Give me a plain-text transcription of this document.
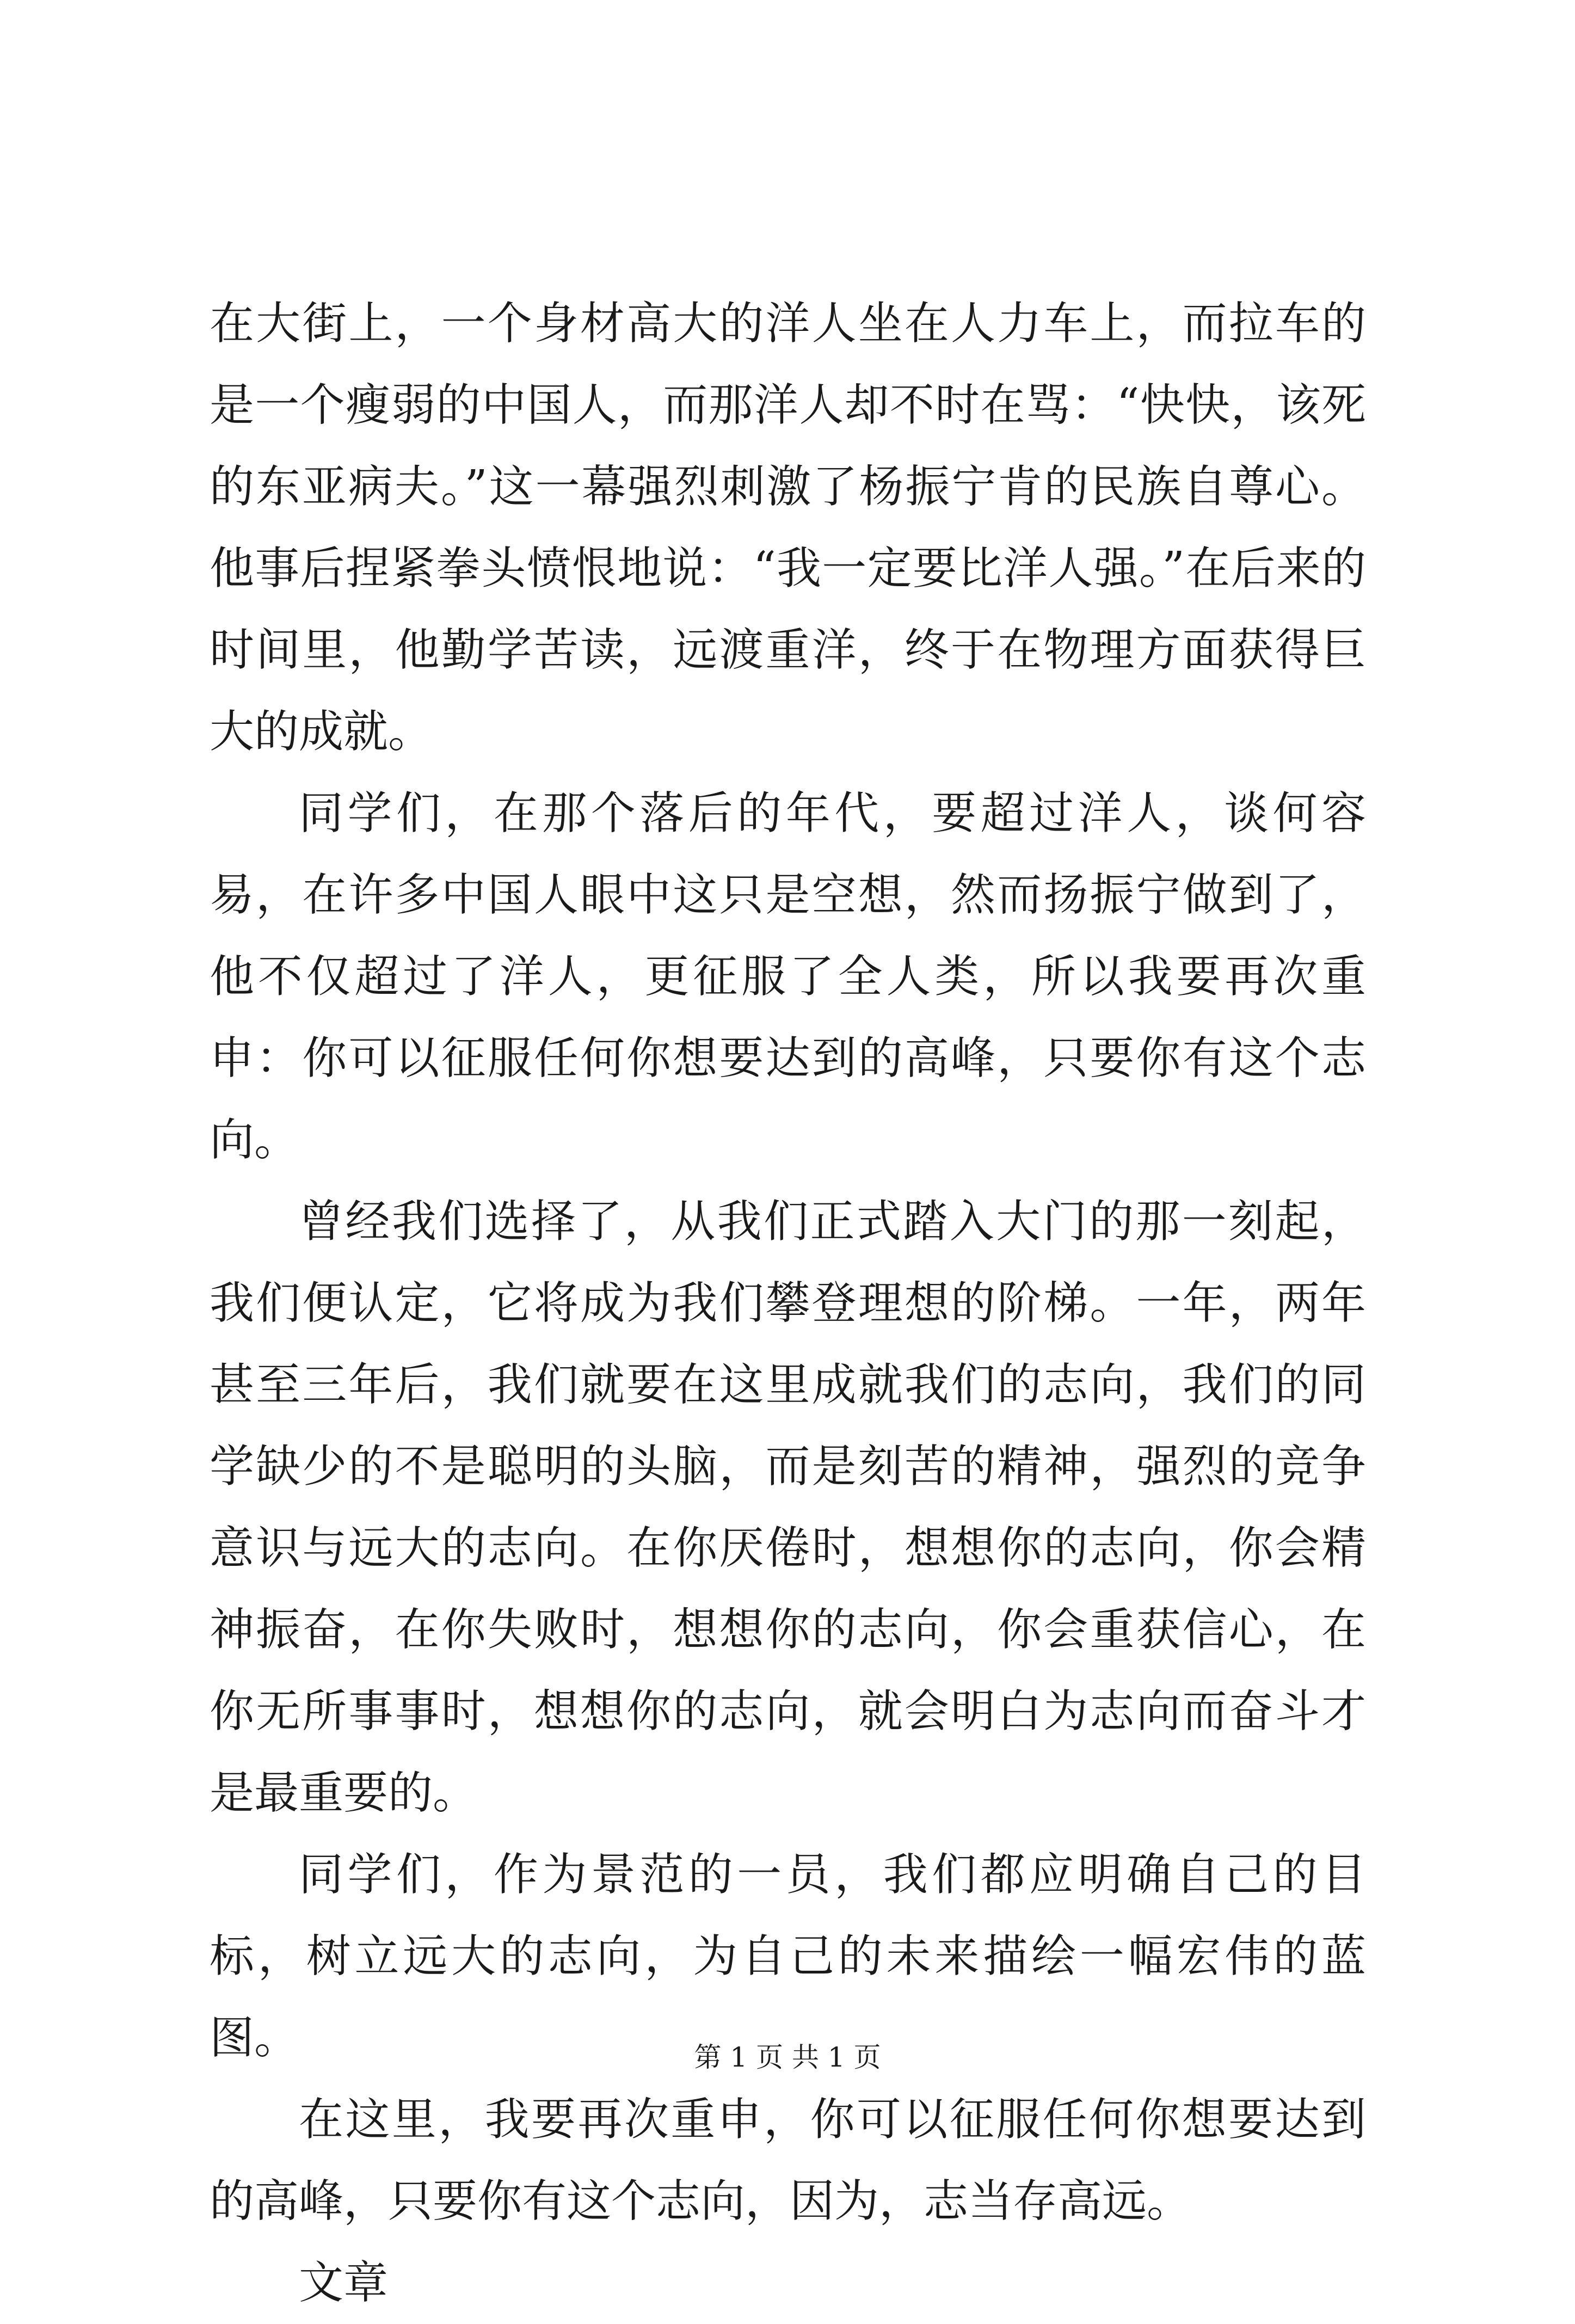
在大街上，一个身材高大的洋人坐在人力车上，而拉车的是一个瘦弱的中国人，而那洋人却不时在骂：“快快，该死的东亚病夫。”这一幕强烈刺激了杨振宁肯的民族自尊心。他事后捏紧拳头愤恨地说：“我一定要比洋人强。”在后来的时间里，他勤学苦读，远渡重洋，终于在物理方面获得巨大的成就。

同学们，在那个落后的年代，要超过洋人，谈何容易，在许多中国人眼中这只是空想，然而扬振宁做到了，他不仅超过了洋人，更征服了全人类，所以我要再次重申：你可以征服任何你想要达到的高峰，只要你有这个志向。

曾经我们选择了，从我们正式踏入大门的那一刻起，我们便认定，它将成为我们攀登理想的阶梯。一年，两年甚至三年后，我们就要在这里成就我们的志向，我们的同学缺少的不是聪明的头脑，而是刻苦的精神，强烈的竞争意识与远大的志向。在你厌倦时，想想你的志向，你会精神振奋，在你失败时，想想你的志向，你会重获信心，在你无所事事时，想想你的志向，就会明白为志向而奋斗才是最重要的。

同学们，作为景范的一员，我们都应明确自己的目标，树立远大的志向，为自己的未来描绘一幅宏伟的蓝图。

在这里，我要再次重申，你可以征服任何你想要达到的高峰，只要你有这个志向，因为，志当存高远。

文章

第 1 页 共 1 页
